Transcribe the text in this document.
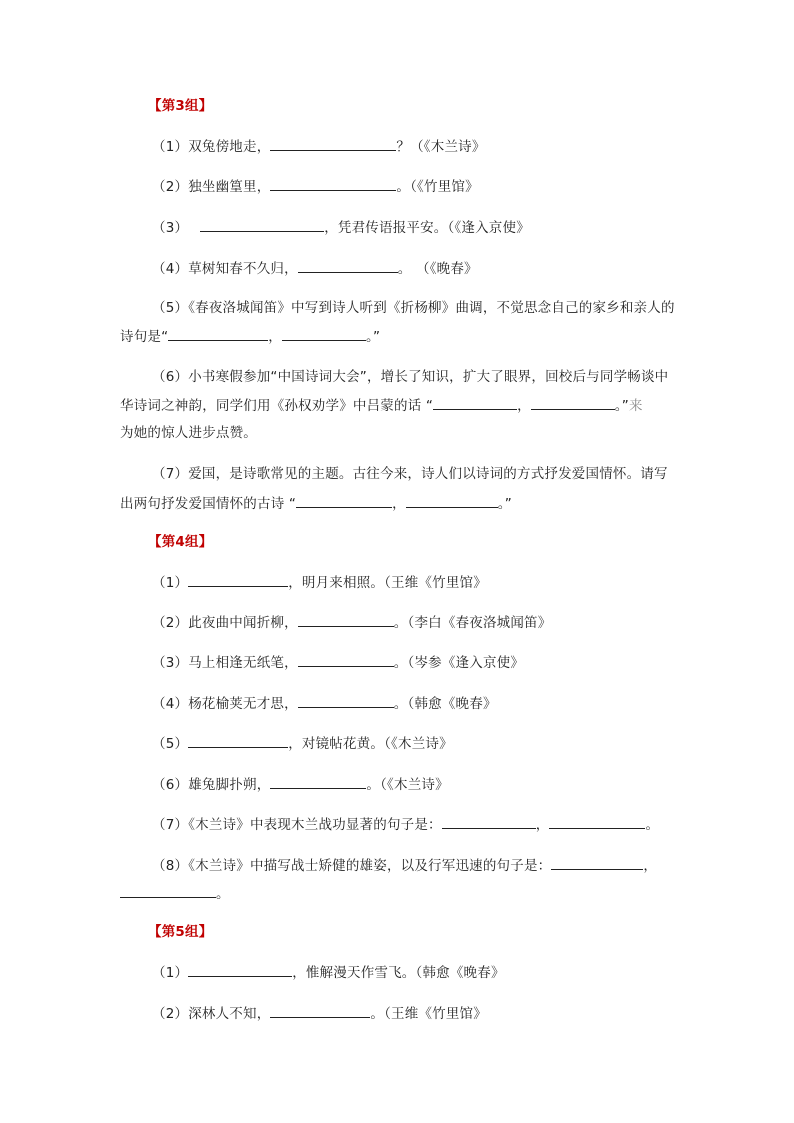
【第3组】
（1）双兔傍地走，	？（《木兰诗》
（2）独坐幽篁里，	。（《竹里馆》
（3）	，凭君传语报平安。（《逢入京使》
（4）草树知春不久归，	。 （《晚春》
（5）《春夜洛城闻笛》中写到诗人听到《折杨柳》曲调，不觉思念自己的家乡和亲人的
诗句是“	，	。”
（6）小书寒假参加“中国诗词大会”，增长了知识，扩大了眼界，回校后与同学畅谈中
华诗词之神韵，同学们用《孙权劝学》中吕蒙的话 “	，	。”来
为她的惊人进步点赞。
（7）爱国，是诗歌常见的主题。古往今来，诗人们以诗词的方式抒发爱国情怀。请写
出两句抒发爱国情怀的古诗 “	，	。”
【第4组】
（1）	，明月来相照。（王维《竹里馆》
（2）此夜曲中闻折柳，	。（李白《春夜洛城闻笛》
（3）马上相逢无纸笔，	。（岑参《逢入京使》
（4）杨花榆荚无才思，	。（韩愈《晚春》
（5）	，对镜帖花黄。（《木兰诗》
（6）雄兔脚扑朔，	。（《木兰诗》
（7）《木兰诗》中表现木兰战功显著的句子是：	，	。
（8）《木兰诗》中描写战士矫健的雄姿，以及行军迅速的句子是：	，
。
【第5组】
（1）	，惟解漫天作雪飞。（韩愈《晚春》
（2）深林人不知，	。（王维《竹里馆》
